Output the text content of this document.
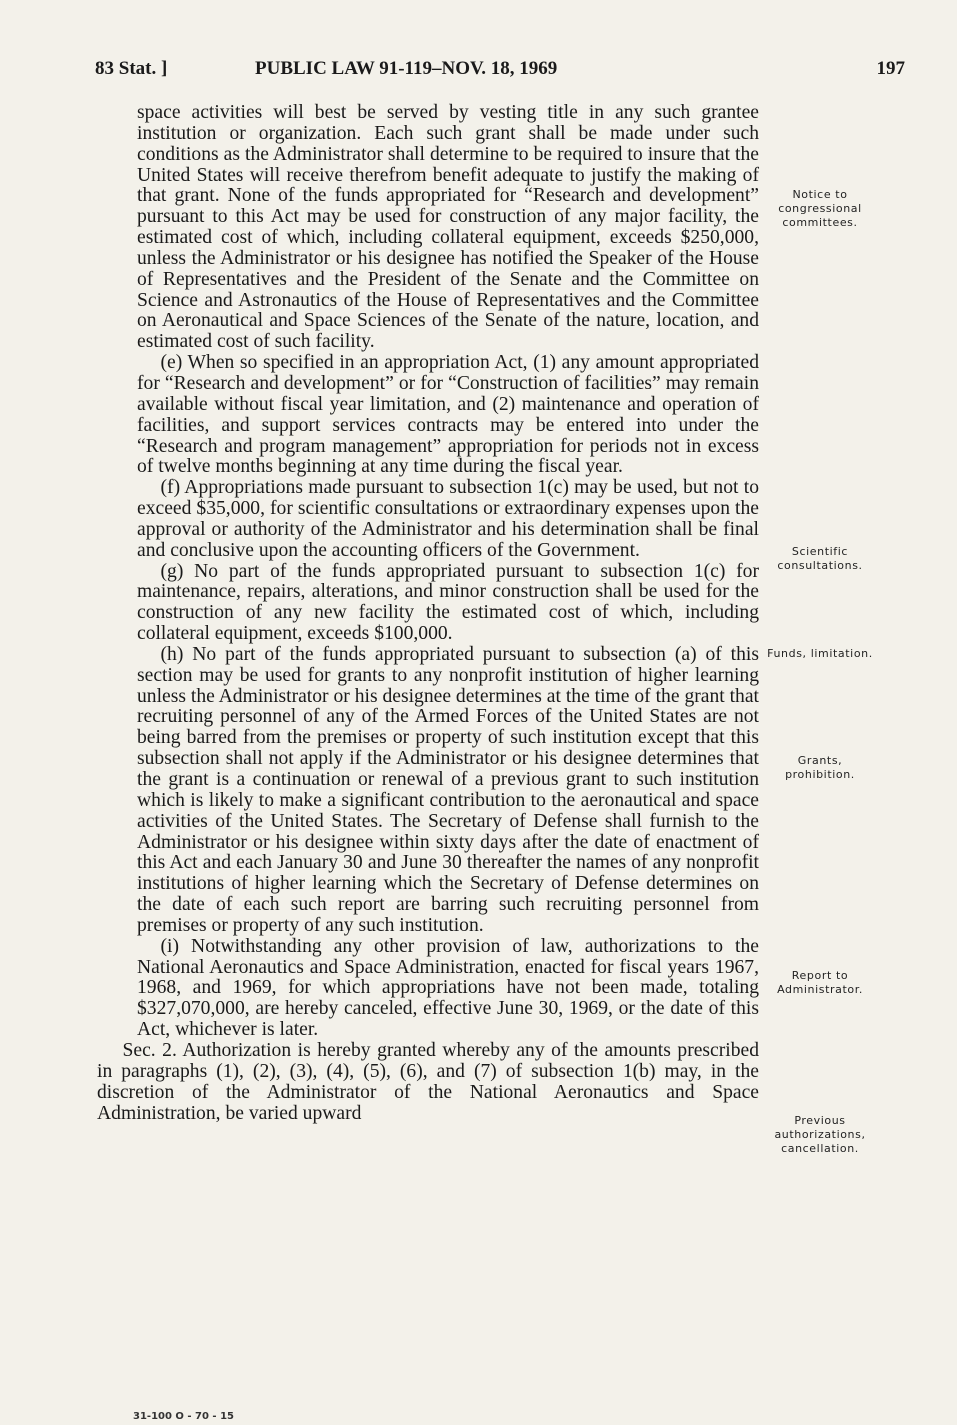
83 Stat. ]	PUBLIC LAW 91-119–NOV. 18, 1969	197

space activities will best be served by vesting title in any such grantee institution or organization. Each such grant shall be made under such conditions as the Administrator shall determine to be required to insure that the United States will receive therefrom benefit adequate to justify the making of that grant. None of the funds appropriated for “Research and development” pursuant to this Act may be used for construction of any major facility, the estimated cost of which, including collateral equipment, exceeds $250,000, unless the Administrator or his designee has notified the Speaker of the House of Representatives and the President of the Senate and the Committee on Science and Astronautics of the House of Representatives and the Committee on Aeronautical and Space Sciences of the Senate of the nature, location, and estimated cost of such facility.

(e) When so specified in an appropriation Act, (1) any amount appropriated for “Research and development” or for “Construction of facilities” may remain available without fiscal year limitation, and (2) maintenance and operation of facilities, and support services contracts may be entered into under the “Research and program management” appropriation for periods not in excess of twelve months beginning at any time during the fiscal year.

(f) Appropriations made pursuant to subsection 1(c) may be used, but not to exceed $35,000, for scientific consultations or extraordinary expenses upon the approval or authority of the Administrator and his determination shall be final and conclusive upon the accounting officers of the Government.

(g) No part of the funds appropriated pursuant to subsection 1(c) for maintenance, repairs, alterations, and minor construction shall be used for the construction of any new facility the estimated cost of which, including collateral equipment, exceeds $100,000.

(h) No part of the funds appropriated pursuant to subsection (a) of this section may be used for grants to any nonprofit institution of higher learning unless the Administrator or his designee determines at the time of the grant that recruiting personnel of any of the Armed Forces of the United States are not being barred from the premises or property of such institution except that this subsection shall not apply if the Administrator or his designee determines that the grant is a continuation or renewal of a previous grant to such institution which is likely to make a significant contribution to the aeronautical and space activities of the United States. The Secretary of Defense shall furnish to the Administrator or his designee within sixty days after the date of enactment of this Act and each January 30 and June 30 thereafter the names of any nonprofit institutions of higher learning which the Secretary of Defense determines on the date of each such report are barring such recruiting personnel from premises or property of any such institution.

(i) Notwithstanding any other provision of law, authorizations to the National Aeronautics and Space Administration, enacted for fiscal years 1967, 1968, and 1969, for which appropriations have not been made, totaling $327,070,000, are hereby canceled, effective June 30, 1969, or the date of this Act, whichever is later.

Sec. 2. Authorization is hereby granted whereby any of the amounts prescribed in paragraphs (1), (2), (3), (4), (5), (6), and (7) of subsection 1(b) may, in the discretion of the Administrator of the National Aeronautics and Space Administration, be varied upward

Notice to congressional committees.
Scientific consultations.
Funds, limitation.
Grants, prohibition.
Report to Administrator.
Previous authorizations, cancellation.
31-100 O - 70 - 15
